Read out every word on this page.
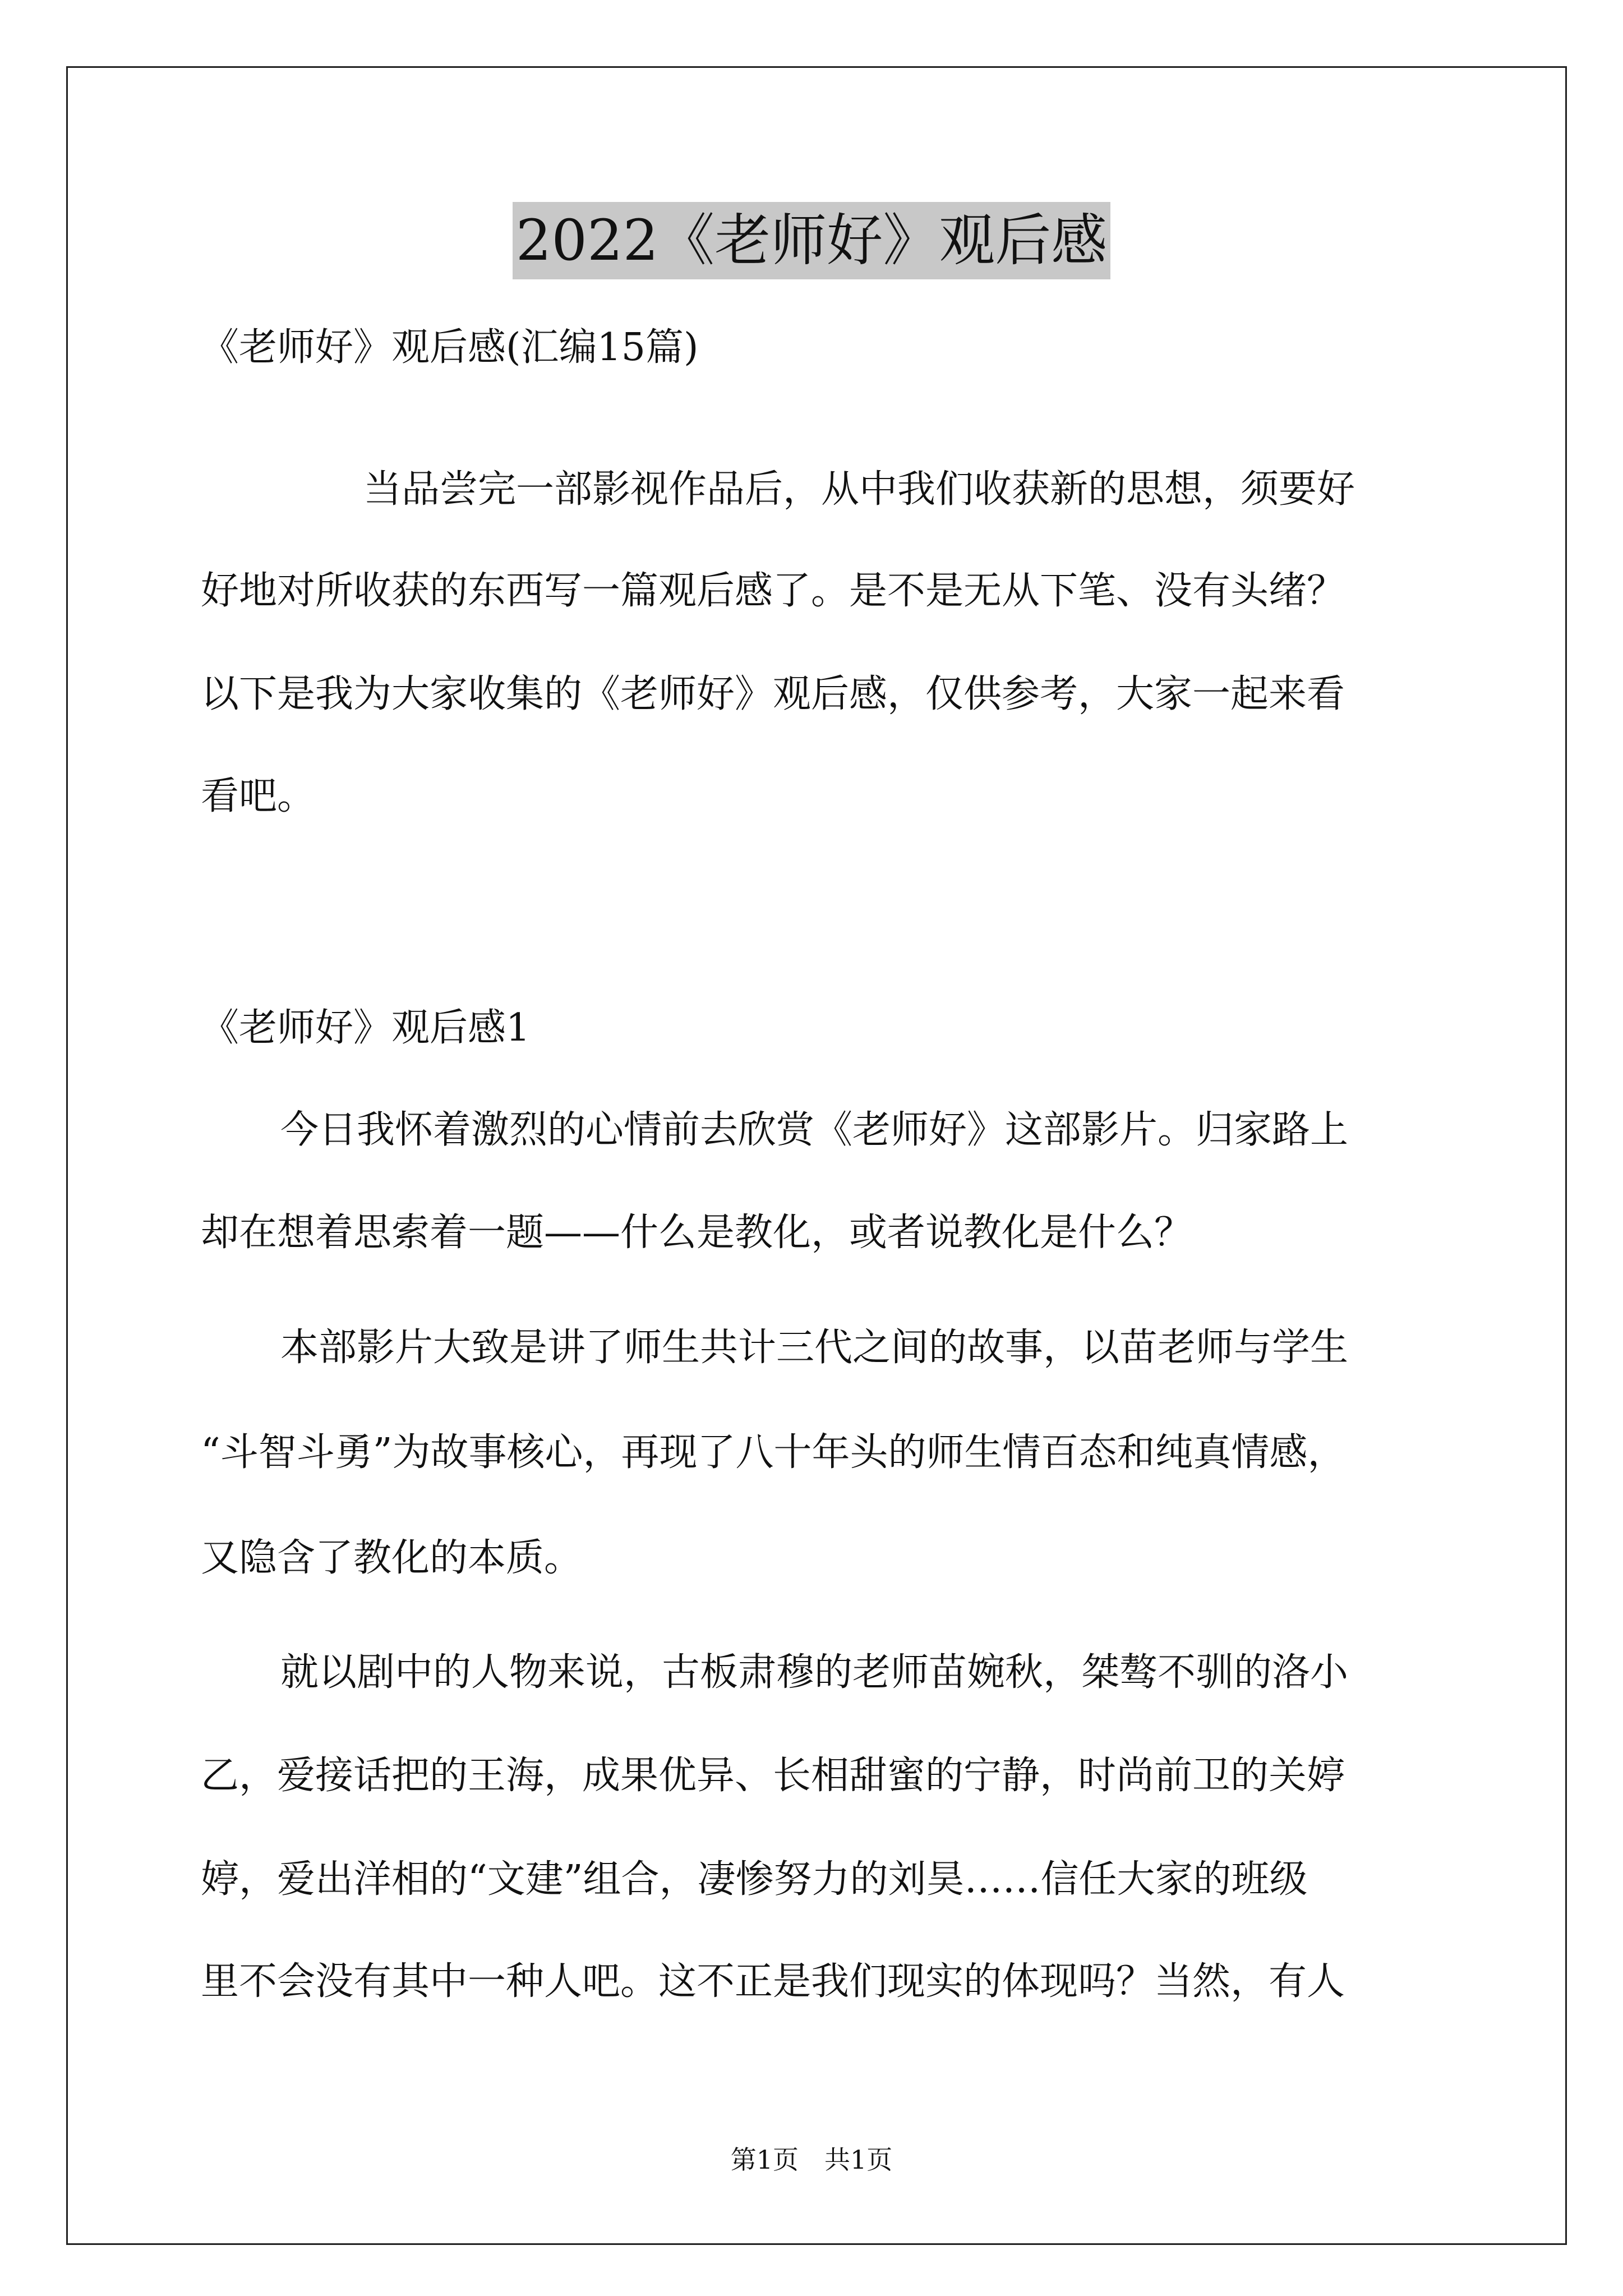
2022《老师好》观后感
《老师好》观后感(汇编15篇)
当品尝完一部影视作品后，从中我们收获新的思想，须要好
好地对所收获的东西写一篇观后感了。是不是无从下笔、没有头绪？
以下是我为大家收集的《老师好》观后感，仅供参考，大家一起来看
看吧。
《老师好》观后感1
今日我怀着激烈的心情前去欣赏《老师好》这部影片。归家路上
却在想着思索着一题——什么是教化，或者说教化是什么？
本部影片大致是讲了师生共计三代之间的故事，以苗老师与学生
“斗智斗勇”为故事核心，再现了八十年头的师生情百态和纯真情感，
又隐含了教化的本质。
就以剧中的人物来说，古板肃穆的老师苗婉秋，桀骜不驯的洛小
乙，爱接话把的王海，成果优异、长相甜蜜的宁静，时尚前卫的关婷
婷，爱出洋相的“文建”组合，凄惨努力的刘昊……信任大家的班级
里不会没有其中一种人吧。这不正是我们现实的体现吗？当然，有人
第1页　共1页
